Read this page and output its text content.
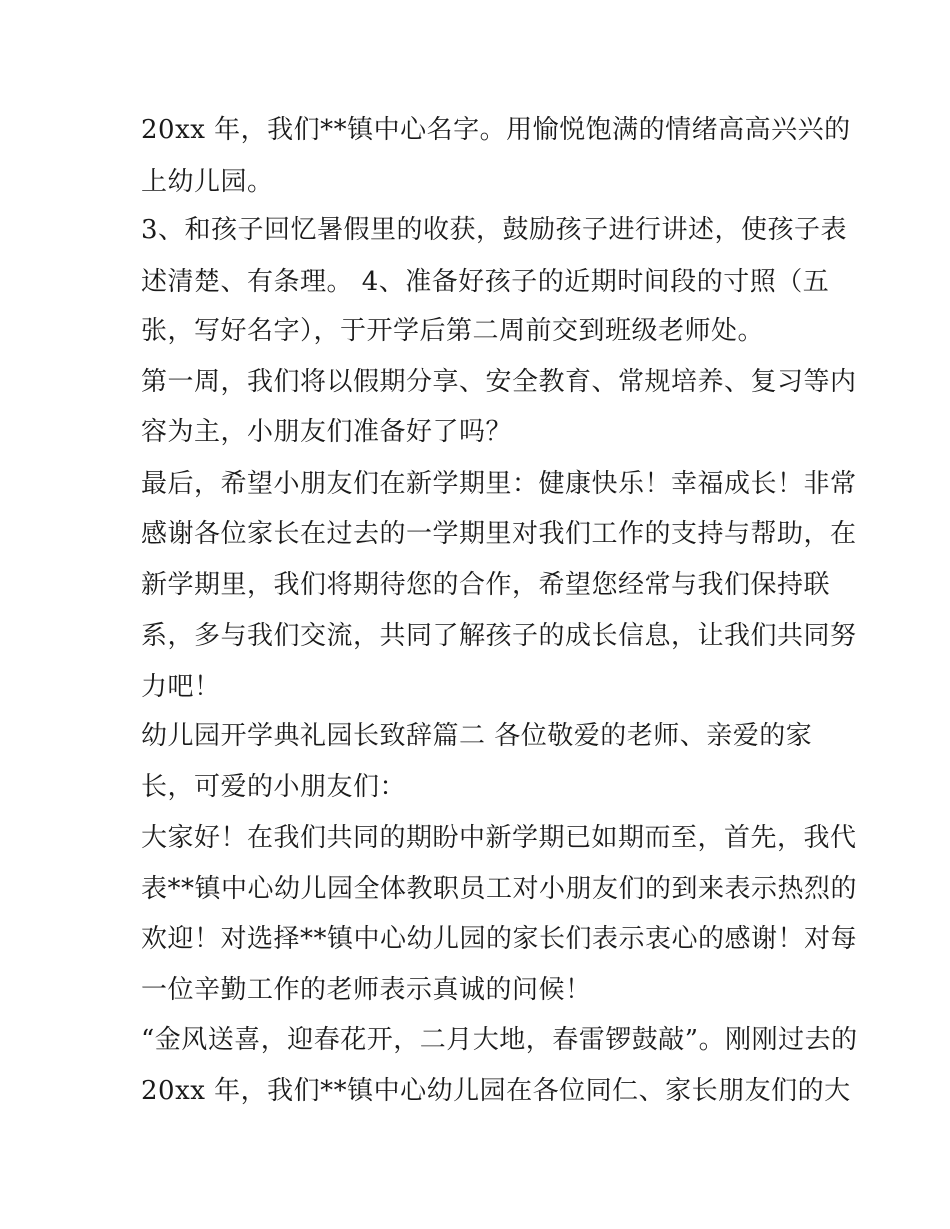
20xx 年，我们**镇中心名字。用愉悦饱满的情绪高高兴兴的
上幼儿园。
3、和孩子回忆暑假里的收获，鼓励孩子进行讲述，使孩子表
述清楚、有条理。 4、准备好孩子的近期时间段的寸照（五
张，写好名字），于开学后第二周前交到班级老师处。
第一周，我们将以假期分享、安全教育、常规培养、复习等内
容为主，小朋友们准备好了吗？
最后，希望小朋友们在新学期里：健康快乐！幸福成长！非常
感谢各位家长在过去的一学期里对我们工作的支持与帮助，在
新学期里，我们将期待您的合作，希望您经常与我们保持联
系，多与我们交流，共同了解孩子的成长信息，让我们共同努
力吧！
幼儿园开学典礼园长致辞篇二 各位敬爱的老师、亲爱的家
长，可爱的小朋友们：
大家好！在我们共同的期盼中新学期已如期而至，首先，我代
表**镇中心幼儿园全体教职员工对小朋友们的到来表示热烈的
欢迎！对选择**镇中心幼儿园的家长们表示衷心的感谢！对每
一位辛勤工作的老师表示真诚的问候！
“金风送喜，迎春花开，二月大地，春雷锣鼓敲”。刚刚过去的
20xx 年，我们**镇中心幼儿园在各位同仁、家长朋友们的大
